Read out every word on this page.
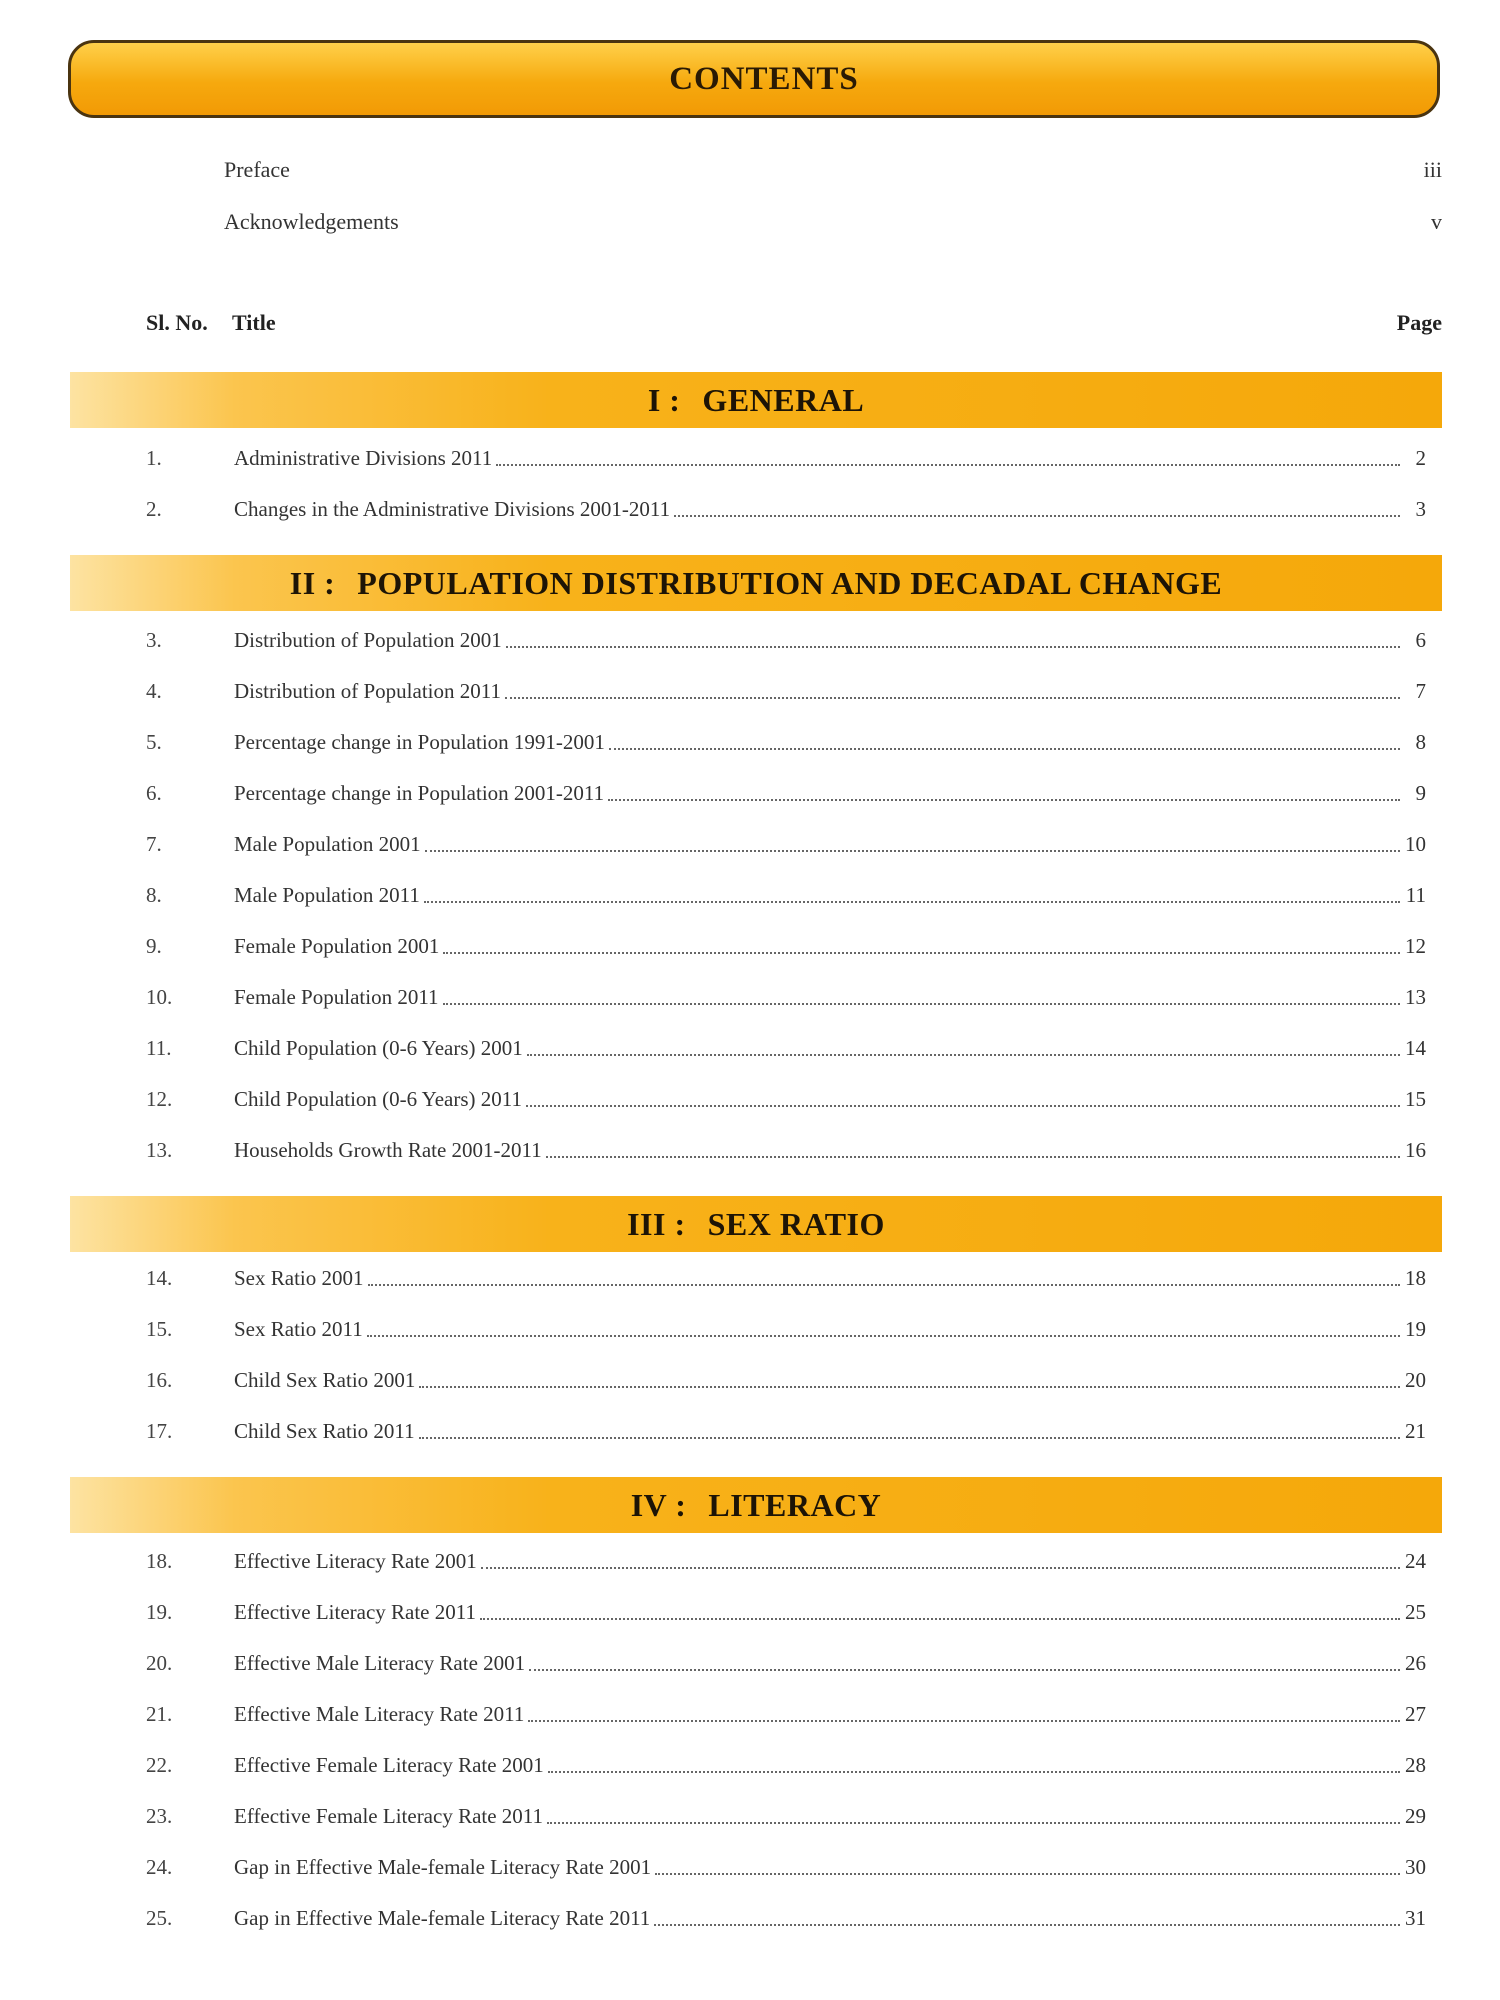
CONTENTS
Preface	iii
Acknowledgements	v
Sl. No.	Title	Page
I : GENERAL
1.	Administrative Divisions 2011	2
2.	Changes in the Administrative Divisions 2001-2011	3
II : POPULATION DISTRIBUTION AND DECADAL CHANGE
3.	Distribution of Population 2001	6
4.	Distribution of Population 2011	7
5.	Percentage change in Population 1991-2001	8
6.	Percentage change in Population 2001-2011	9
7.	Male Population 2001	10
8.	Male Population 2011	11
9.	Female Population 2001	12
10.	Female Population 2011	13
11.	Child Population (0-6 Years) 2001	14
12.	Child Population (0-6 Years) 2011	15
13.	Households Growth Rate 2001-2011	16
III : SEX RATIO
14.	Sex Ratio 2001	18
15.	Sex Ratio 2011	19
16.	Child Sex Ratio 2001	20
17.	Child Sex Ratio 2011	21
IV : LITERACY
18.	Effective Literacy Rate 2001	24
19.	Effective Literacy Rate 2011	25
20.	Effective Male Literacy Rate 2001	26
21.	Effective Male Literacy Rate 2011	27
22.	Effective Female Literacy Rate 2001	28
23.	Effective Female Literacy Rate 2011	29
24.	Gap in Effective Male-female Literacy Rate 2001	30
25.	Gap in Effective Male-female Literacy Rate 2011	31
